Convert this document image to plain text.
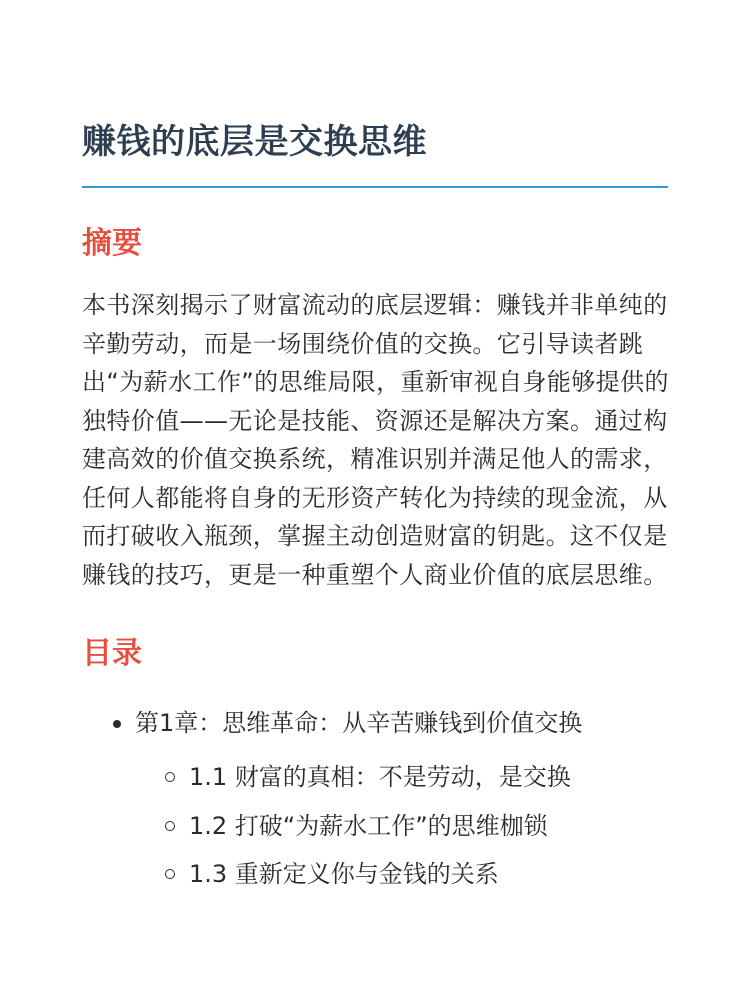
赚钱的底层是交换思维
摘要

本书深刻揭示了财富流动的底层逻辑：赚钱并非单纯的辛勤劳动，而是一场围绕价值的交换。它引导读者跳出“为薪水工作”的思维局限，重新审视自身能够提供的独特价值——无论是技能、资源还是解决方案。通过构建高效的价值交换系统，精准识别并满足他人的需求，任何人都能将自身的无形资产转化为持续的现金流，从而打破收入瓶颈，掌握主动创造财富的钥匙。这不仅是赚钱的技巧，更是一种重塑个人商业价值的底层思维。

目录
第1章：思维革命：从辛苦赚钱到价值交换
1.1 财富的真相：不是劳动，是交换
1.2 打破“为薪水工作”的思维枷锁
1.3 重新定义你与金钱的关系
